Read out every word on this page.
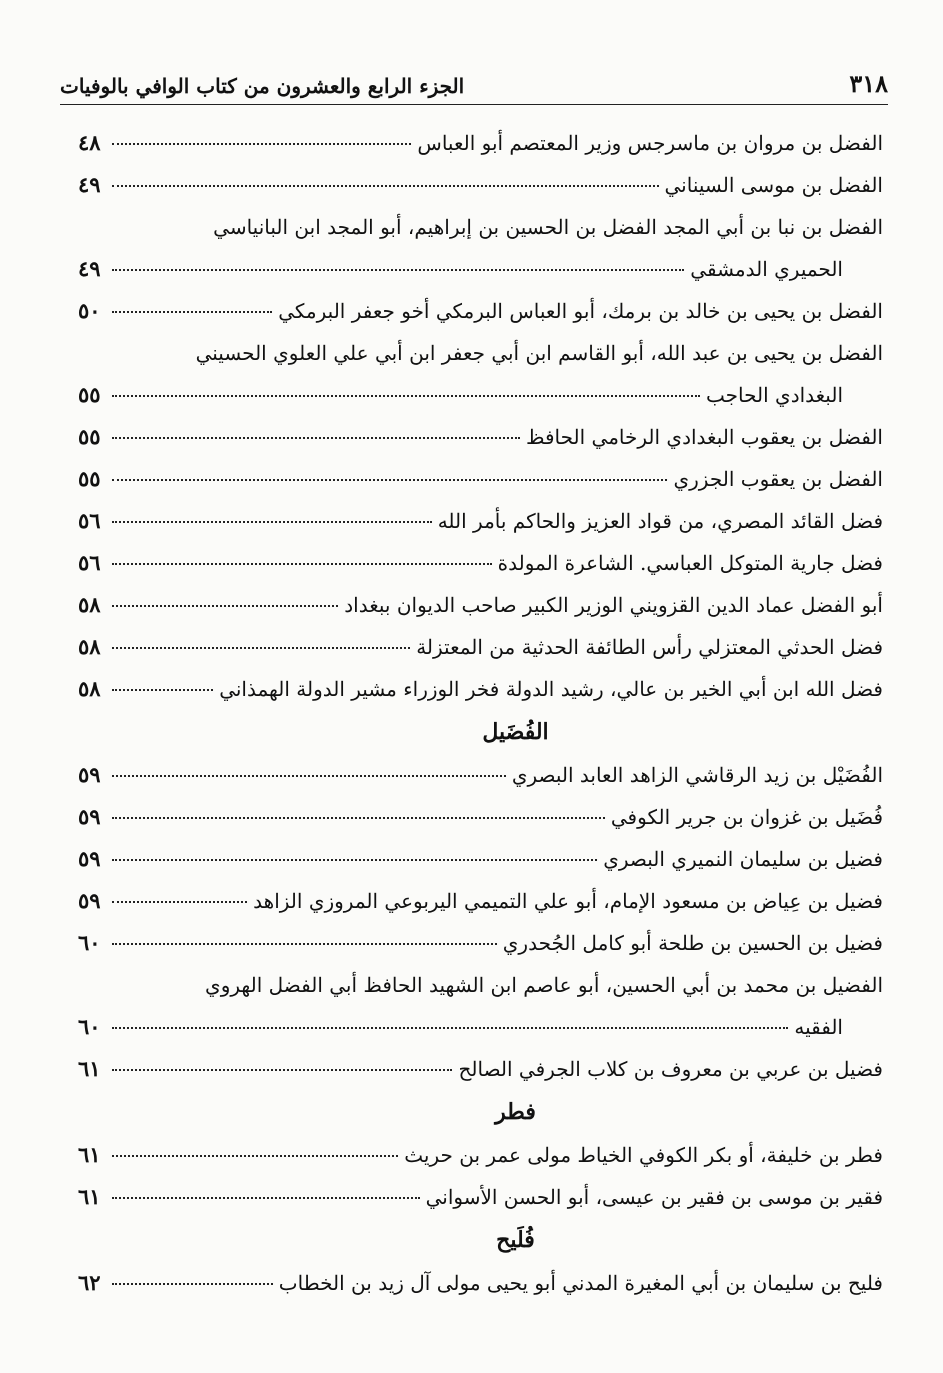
٣١٨
الجزء الرابع والعشرون من كتاب الوافي بالوفيات
الفضل بن مروان بن ماسرجس وزير المعتصم أبو العباس
٤٨
الفضل بن موسى السيناني
٤٩
الفضل بن نبا بن أبي المجد الفضل بن الحسين بن إبراهيم، أبو المجد ابن البانياسي
الحميري الدمشقي
٤٩
الفضل بن يحيى بن خالد بن برمك، أبو العباس البرمكي أخو جعفر البرمكي
٥٠
الفضل بن يحيى بن عبد الله، أبو القاسم ابن أبي جعفر ابن أبي علي العلوي الحسيني
البغدادي الحاجب
٥٥
الفضل بن يعقوب البغدادي الرخامي الحافظ
٥٥
الفضل بن يعقوب الجزري
٥٥
فضل القائد المصري، من قواد العزيز والحاكم بأمر الله
٥٦
فضل جارية المتوكل العباسي. الشاعرة المولدة
٥٦
أبو الفضل عماد الدين القزويني الوزير الكبير صاحب الديوان ببغداد
٥٨
فضل الحدثي المعتزلي رأس الطائفة الحدثية من المعتزلة
٥٨
فضل الله ابن أبي الخير بن عالي، رشيد الدولة فخر الوزراء مشير الدولة الهمذاني
٥٨
الفُضَيل
الفُضَيْل بن زيد الرقاشي الزاهد العابد البصري
٥٩
فُضَيل بن غزوان بن جرير الكوفي
٥٩
فضيل بن سليمان النميري البصري
٥٩
فضيل بن عِياض بن مسعود الإمام، أبو علي التميمي اليربوعي المروزي الزاهد
٥٩
فضيل بن الحسين بن طلحة أبو كامل الجُحدري
٦٠
الفضيل بن محمد بن أبي الحسين، أبو عاصم ابن الشهيد الحافظ أبي الفضل الهروي
الفقيه
٦٠
فضيل بن عربي بن معروف بن كلاب الجرفي الصالح
٦١
فطر
فطر بن خليفة، أو بكر الكوفي الخياط مولى عمر بن حريث
٦١
فقير بن موسى بن فقير بن عيسى، أبو الحسن الأسواني
٦١
فُلَيح
فليح بن سليمان بن أبي المغيرة المدني أبو يحيى مولى آل زيد بن الخطاب
٦٢
